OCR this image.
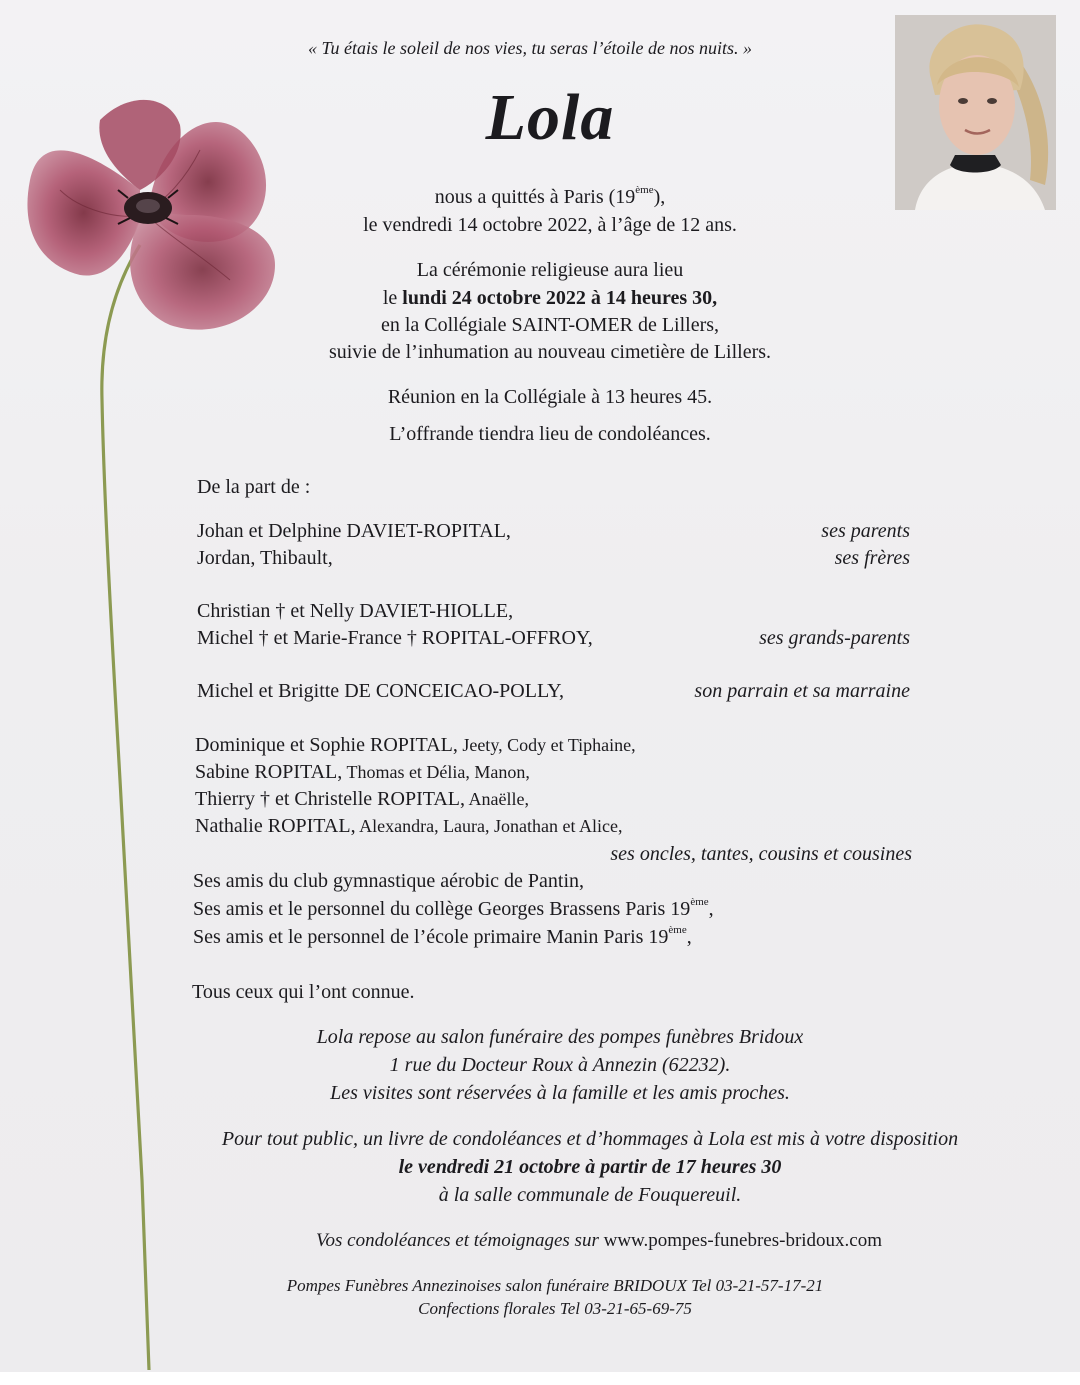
« Tu étais le soleil de nos vies, tu seras l’étoile de nos nuits. »
Lola
nous a quittés à Paris (19ème),
le vendredi 14 octobre 2022, à l’âge de 12 ans.
La cérémonie religieuse aura lieu
le lundi 24 octobre 2022 à 14 heures 30,
en la Collégiale SAINT-OMER de Lillers,
suivie de l’inhumation au nouveau cimetière de Lillers.
Réunion en la Collégiale à 13 heures 45.
L’offrande tiendra lieu de condoléances.
De la part de :
Johan et Delphine DAVIET-ROPITAL,	ses parents
Jordan, Thibault,	ses frères
Christian † et Nelly DAVIET-HIOLLE,
Michel † et Marie-France † ROPITAL-OFFROY,	ses grands-parents
Michel et Brigitte DE CONCEICAO-POLLY,	son parrain et sa marraine
Dominique et Sophie ROPITAL, Jeety, Cody et Tiphaine,
Sabine ROPITAL, Thomas et Délia, Manon,
Thierry † et Christelle ROPITAL, Anaëlle,
Nathalie ROPITAL, Alexandra, Laura, Jonathan et Alice,
ses oncles, tantes, cousins et cousines
Ses amis du club gymnastique aérobic de Pantin,
Ses amis et le personnel du collège Georges Brassens Paris 19ème,
Ses amis et le personnel de l’école primaire Manin Paris 19ème,
Tous ceux qui l’ont connue.
Lola repose au salon funéraire des pompes funèbres Bridoux
1 rue du Docteur Roux à Annezin (62232).
Les visites sont réservées à la famille et les amis proches.
Pour tout public, un livre de condoléances et d’hommages à Lola est mis à votre disposition
le vendredi 21 octobre à partir de 17 heures 30
à la salle communale de Fouquereuil.
Vos condoléances et témoignages sur www.pompes-funebres-bridoux.com
Pompes Funèbres Annezinoises salon funéraire BRIDOUX Tel 03-21-57-17-21
Confections florales Tel 03-21-65-69-75
